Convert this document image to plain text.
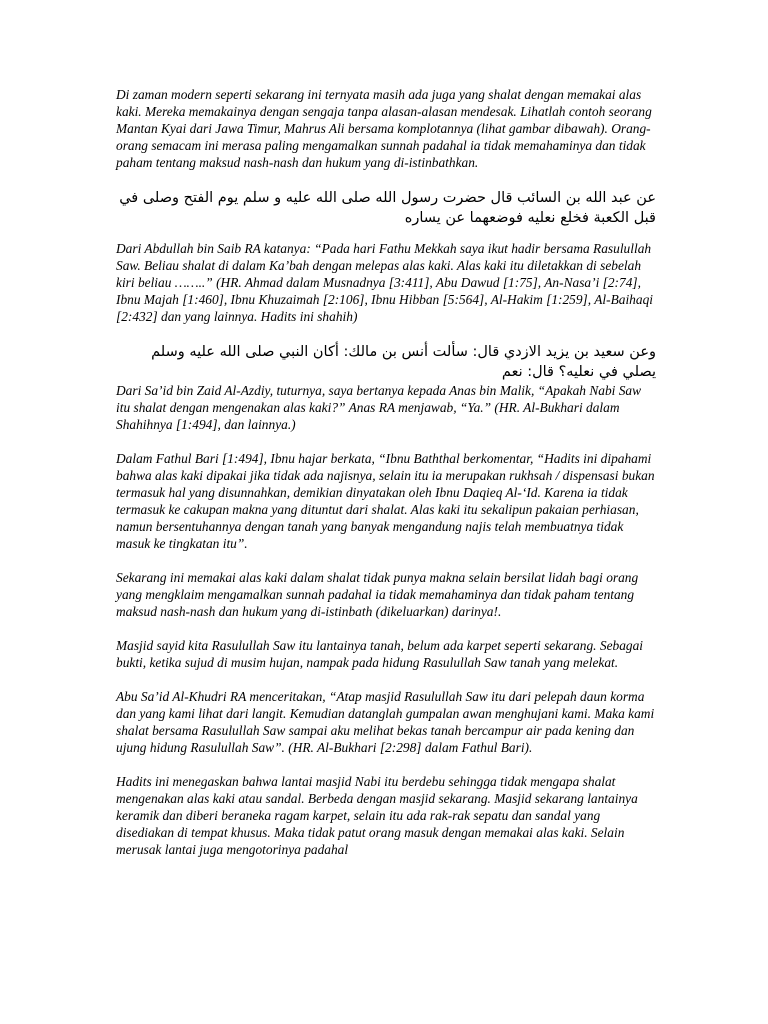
Di zaman modern seperti sekarang ini ternyata masih ada juga yang shalat dengan memakai alas kaki. Mereka memakainya dengan sengaja tanpa alasan-alasan mendesak. Lihatlah contoh seorang Mantan Kyai dari Jawa Timur, Mahrus Ali bersama komplotannya (lihat gambar dibawah). Orang-orang semacam ini merasa paling mengamalkan sunnah padahal ia tidak memahaminya dan tidak paham tentang maksud nash-nash dan hukum yang di-istinbathkan.

عن عبد الله بن السائب قال حضرت رسول الله صلى الله عليه و سلم يوم الفتح وصلى في قبل الكعبة فخلع نعليه فوضعهما عن يساره

Dari Abdullah bin Saib RA katanya: “Pada hari Fathu Mekkah saya ikut hadir bersama Rasulullah Saw. Beliau shalat di dalam Ka’bah dengan melepas alas kaki. Alas kaki itu diletakkan di sebelah kiri beliau ……..” (HR. Ahmad dalam Musnadnya [3:411], Abu Dawud [1:75], An-Nasa’i [2:74], Ibnu Majah [1:460], Ibnu Khuzaimah [2:106], Ibnu Hibban [5:564], Al-Hakim [1:259], Al-Baihaqi [2:432] dan yang lainnya. Hadits ini shahih)

وعن سعيد بن يزيد الازدي قال: سألت أنس بن مالك: أكان النبي صلى الله عليه وسلم يصلي في نعليه؟ قال: نعم

Dari Sa’id bin Zaid Al-Azdiy, tuturnya, saya bertanya kepada Anas bin Malik, “Apakah Nabi Saw itu shalat dengan mengenakan alas kaki?” Anas RA menjawab, “Ya.” (HR. Al-Bukhari dalam Shahihnya [1:494], dan lainnya.)

Dalam Fathul Bari [1:494], Ibnu hajar berkata, “Ibnu Baththal berkomentar, “Hadits ini dipahami bahwa alas kaki dipakai jika tidak ada najisnya, selain itu ia merupakan rukhsah / dispensasi bukan termasuk hal yang disunnahkan, demikian dinyatakan oleh Ibnu Daqieq Al-‘Id. Karena ia tidak termasuk ke cakupan makna yang dituntut dari shalat. Alas kaki itu sekalipun pakaian perhiasan, namun bersentuhannya dengan tanah yang banyak mengandung najis telah membuatnya tidak masuk ke tingkatan itu”.

Sekarang ini memakai alas kaki dalam shalat tidak punya makna selain bersilat lidah bagi orang yang mengklaim mengamalkan sunnah padahal ia tidak memahaminya dan tidak paham tentang maksud nash-nash dan hukum yang di-istinbath (dikeluarkan) darinya!.

Masjid sayid kita Rasulullah Saw itu lantainya tanah, belum ada karpet seperti sekarang. Sebagai bukti, ketika sujud di musim hujan, nampak pada hidung Rasulullah Saw tanah yang melekat.

Abu Sa’id Al-Khudri RA menceritakan, “Atap masjid Rasulullah Saw itu dari pelepah daun korma dan yang kami lihat dari langit. Kemudian datanglah gumpalan awan menghujani kami. Maka kami shalat bersama Rasulullah Saw sampai aku melihat bekas tanah bercampur air pada kening dan ujung hidung Rasulullah Saw”. (HR. Al-Bukhari [2:298] dalam Fathul Bari).

Hadits ini menegaskan bahwa lantai masjid Nabi itu berdebu sehingga tidak mengapa shalat mengenakan alas kaki atau sandal. Berbeda dengan masjid sekarang. Masjid sekarang lantainya keramik dan diberi beraneka ragam karpet, selain itu ada rak-rak sepatu dan sandal yang disediakan di tempat khusus. Maka tidak patut orang masuk dengan memakai alas kaki. Selain merusak lantai juga mengotorinya padahal
